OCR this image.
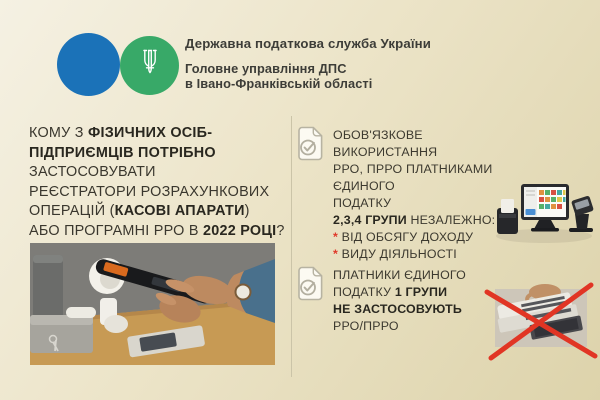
Державна податкова служба України
Головне управління ДПС
в Івано-Франківській області
КОМУ З ФІЗИЧНИХ ОСІБ-
ПІДПРИЄМЦІВ ПОТРІБНО
ЗАСТОСОВУВАТИ
РЕЄСТРАТОРИ РОЗРАХУНКОВИХ
ОПЕРАЦІЙ (КАСОВІ АПАРАТИ)
АБО ПРОГРАМНІ РРО В 2022 РОЦІ?
ОБОВ'ЯЗКОВЕ ВИКОРИСТАННЯ
РРО, ПРРО ПЛАТНИКАМИ ЄДИНОГО
ПОДАТКУ
2,3,4 ГРУПИ НЕЗАЛЕЖНО:
* ВІД ОБСЯГУ ДОХОДУ
* ВИДУ ДІЯЛЬНОСТІ
ПЛАТНИКИ ЄДИНОГО
ПОДАТКУ 1 ГРУПИ
НЕ ЗАСТОСОВУЮТЬ
РРО/ПРРО
